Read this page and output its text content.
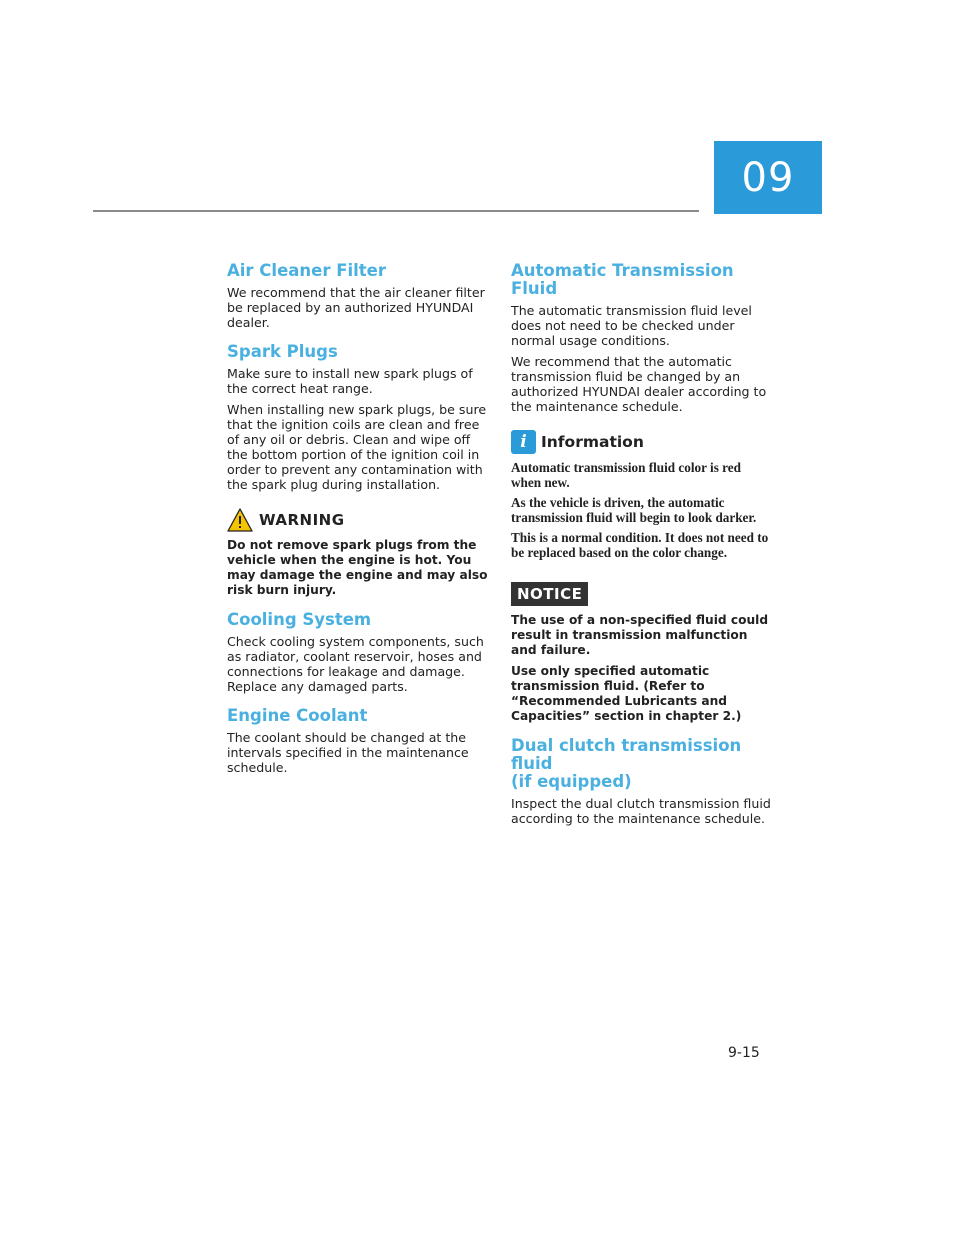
09
Air Cleaner Filter

We recommend that the air cleaner filter be replaced by an authorized HYUNDAI dealer.

Spark Plugs

Make sure to install new spark plugs of the correct heat range.

When installing new spark plugs, be sure that the ignition coils are clean and free of any oil or debris. Clean and wipe off the bottom portion of the ignition coil in order to prevent any contamination with the spark plug during installation.

WARNING

Do not remove spark plugs from the vehicle when the engine is hot. You may damage the engine and may also risk burn injury.

Cooling System

Check cooling system components, such as radiator, coolant reservoir, hoses and connections for leakage and damage. Replace any damaged parts.

Engine Coolant

The coolant should be changed at the intervals specified in the maintenance schedule.

Automatic Transmission Fluid

The automatic transmission fluid level does not need to be checked under normal usage conditions.

We recommend that the automatic transmission fluid be changed by an authorized HYUNDAI dealer according to the maintenance schedule.

i Information

Automatic transmission fluid color is red when new.

As the vehicle is driven, the automatic transmission fluid will begin to look darker.

This is a normal condition. It does not need to be replaced based on the color change.

NOTICE

The use of a non-specified fluid could result in transmission malfunction and failure.

Use only specified automatic transmission fluid. (Refer to “Recommended Lubricants and Capacities” section in chapter 2.)

Dual clutch transmission fluid
(if equipped)

Inspect the dual clutch transmission fluid according to the maintenance schedule.

9-15
